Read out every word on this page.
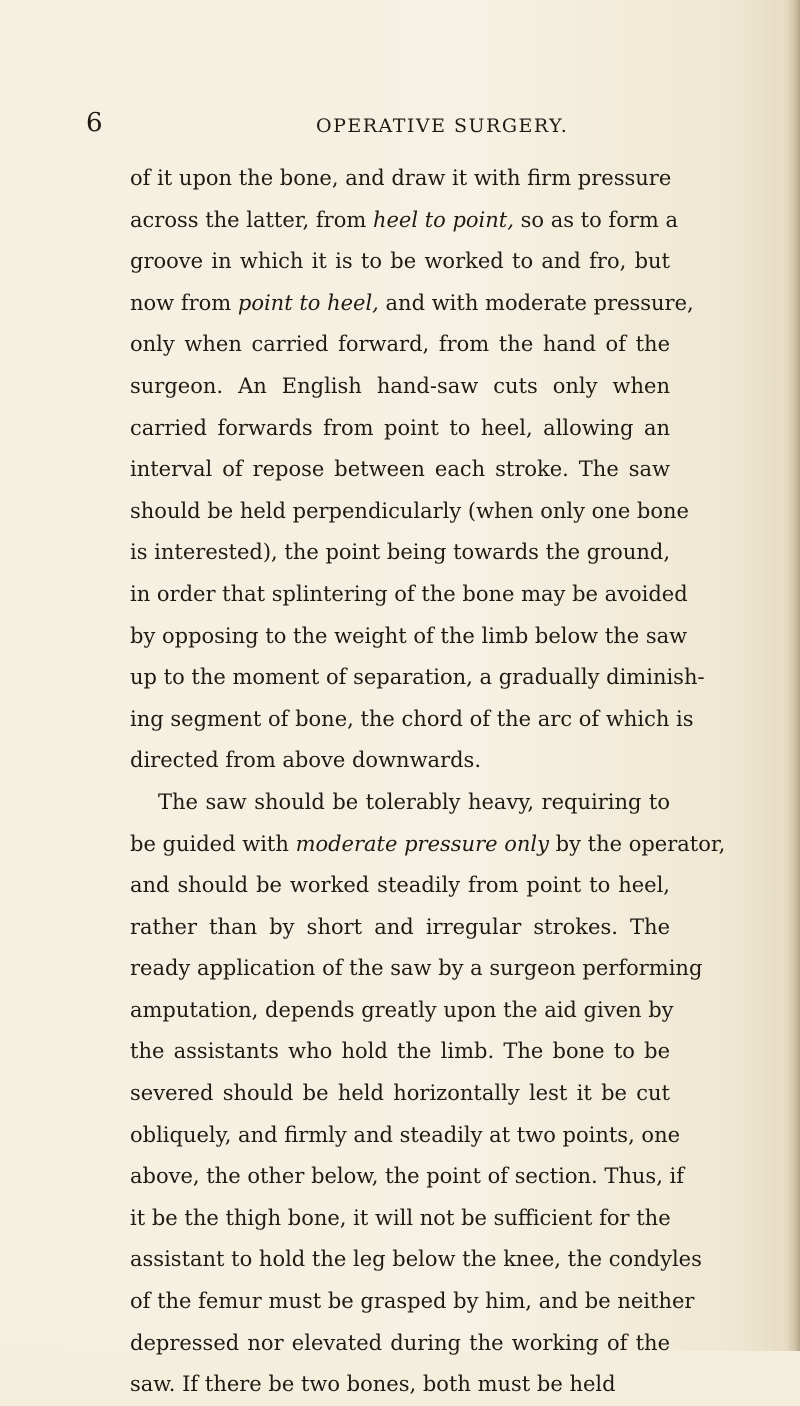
6	OPERATIVE SURGERY.
of it upon the bone, and draw it with firm pressure
across the latter, from heel to point, so as to form a
groove in which it is to be worked to and fro, but
now from point to heel, and with moderate pressure,
only when carried forward, from the hand of the
surgeon. An English hand-saw cuts only when
carried forwards from point to heel, allowing an
interval of repose between each stroke. The saw
should be held perpendicularly (when only one bone
is interested), the point being towards the ground,
in order that splintering of the bone may be avoided
by opposing to the weight of the limb below the saw
up to the moment of separation, a gradually diminish-
ing segment of bone, the chord of the arc of which is
directed from above downwards.
The saw should be tolerably heavy, requiring to
be guided with moderate pressure only by the operator,
and should be worked steadily from point to heel,
rather than by short and irregular strokes. The
ready application of the saw by a surgeon performing
amputation, depends greatly upon the aid given by
the assistants who hold the limb. The bone to be
severed should be held horizontally lest it be cut
obliquely, and firmly and steadily at two points, one
above, the other below, the point of section. Thus, if
it be the thigh bone, it will not be sufficient for the
assistant to hold the leg below the knee, the condyles
of the femur must be grasped by him, and be neither
depressed nor elevated during the working of the
saw. If there be two bones, both must be held
